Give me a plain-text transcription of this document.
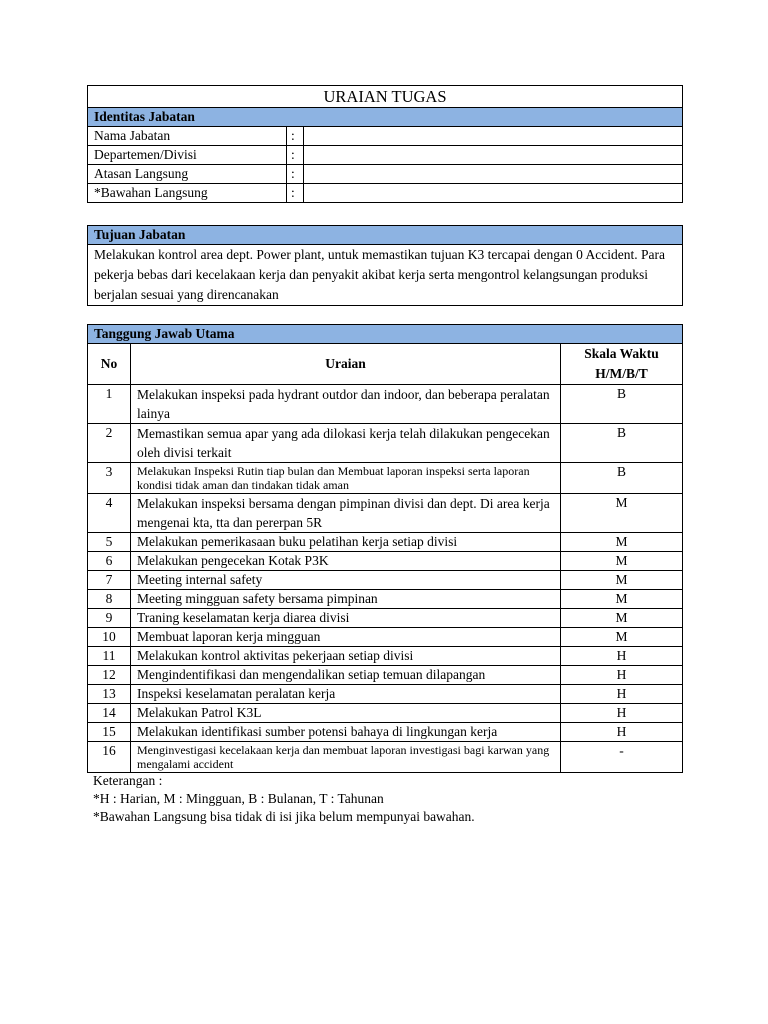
URAIAN TUGAS		
Identitas Jabatan		
Nama Jabatan	:	
Departemen/Divisi	:	
Atasan Langsung	:	
*Bawahan Langsung	:	
Tujuan Jabatan
Melakukan kontrol area dept. Power plant, untuk memastikan tujuan K3 tercapai dengan 0 Accident. Para pekerja bebas dari kecelakaan kerja dan penyakit akibat kerja serta mengontrol kelangsungan produksi berjalan sesuai yang direncanakan
Tanggung Jawab Utama		
No	Uraian	Skala Waktu H/M/B/T
1	Melakukan inspeksi pada hydrant outdor dan indoor, dan beberapa peralatan lainya	B
2	Memastikan semua apar yang ada dilokasi kerja telah dilakukan pengecekan oleh divisi terkait	B
3	Melakukan Inspeksi Rutin tiap bulan dan Membuat laporan inspeksi serta laporan kondisi tidak aman dan tindakan tidak aman	B
4	Melakukan inspeksi bersama dengan pimpinan divisi dan dept. Di area kerja mengenai kta, tta dan pererpan 5R	M
5	Melakukan pemerikasaan buku pelatihan kerja setiap divisi	M
6	Melakukan pengecekan Kotak P3K	M
7	Meeting internal safety	M
8	Meeting mingguan safety bersama pimpinan	M
9	Traning keselamatan kerja diarea divisi	M
10	Membuat laporan kerja mingguan	M
11	Melakukan kontrol aktivitas pekerjaan setiap divisi	H
12	Mengindentifikasi dan mengendalikan setiap temuan dilapangan	H
13	Inspeksi keselamatan peralatan kerja	H
14	Melakukan Patrol K3L	H
15	Melakukan identifikasi sumber potensi bahaya di lingkungan kerja	H
16	Menginvestigasi kecelakaan kerja dan membuat laporan investigasi bagi karwan yang mengalami accident	-
Keterangan :
*H : Harian, M : Mingguan, B : Bulanan, T : Tahunan
*Bawahan Langsung bisa tidak di isi jika belum mempunyai bawahan.
